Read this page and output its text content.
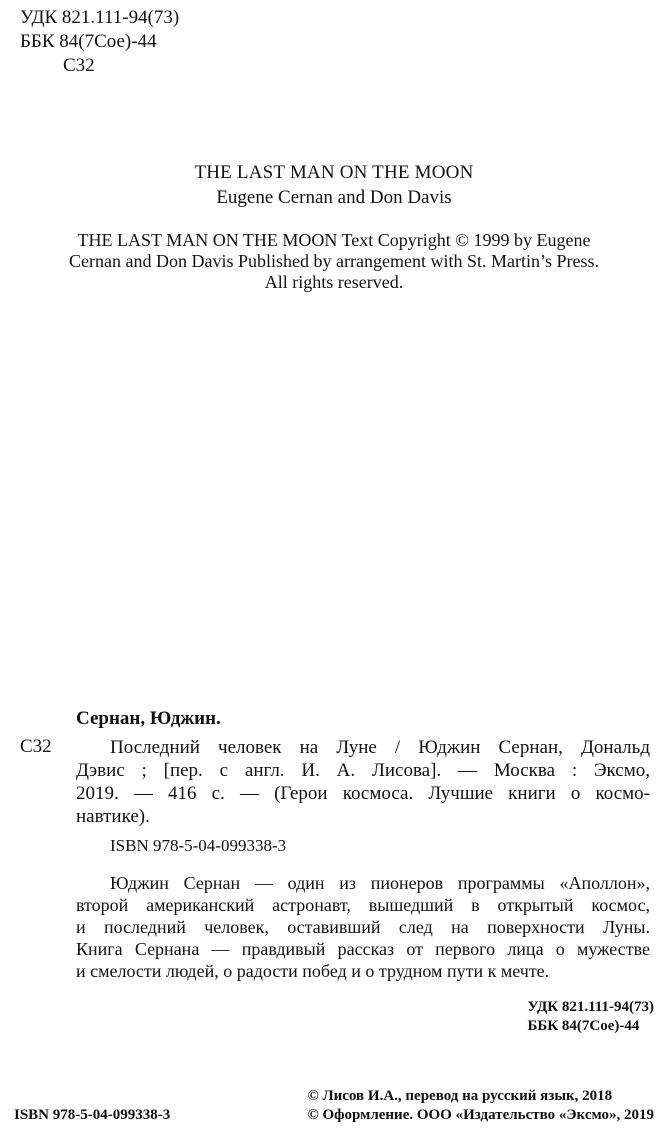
УДК 821.111-94(73)
ББК 84(7Сое)-44
С32
THE LAST MAN ON THE MOON
Eugene Cernan and Don Davis
THE LAST MAN ON THE MOON Text Copyright © 1999 by Eugene
Cernan and Don Davis Published by arrangement with St. Martin’s Press.
All rights reserved.
Сернан, Юджин.
С32	Последний человек на Луне / Юджин Сернан, Дональд
Дэвис ; [пер. с англ. И. А. Лисова]. — Москва : Эксмо,
2019. — 416 с. — (Герои космоса. Лучшие книги о космо-
навтике).
ISBN 978-5-04-099338-3
Юджин Сернан — один из пионеров программы «Аполлон»,
второй американский астронавт, вышедший в открытый космос,
и последний человек, оставивший след на поверхности Луны.
Книга Сернана — правдивый рассказ от первого лица о мужестве
и смелости людей, о радости побед и о трудном пути к мечте.
УДК 821.111-94(73)
ББК 84(7Сое)-44
ISBN 978-5-04-099338-3
© Лисов И.А., перевод на русский язык, 2018
© Оформление. ООО «Издательство «Эксмо», 2019
